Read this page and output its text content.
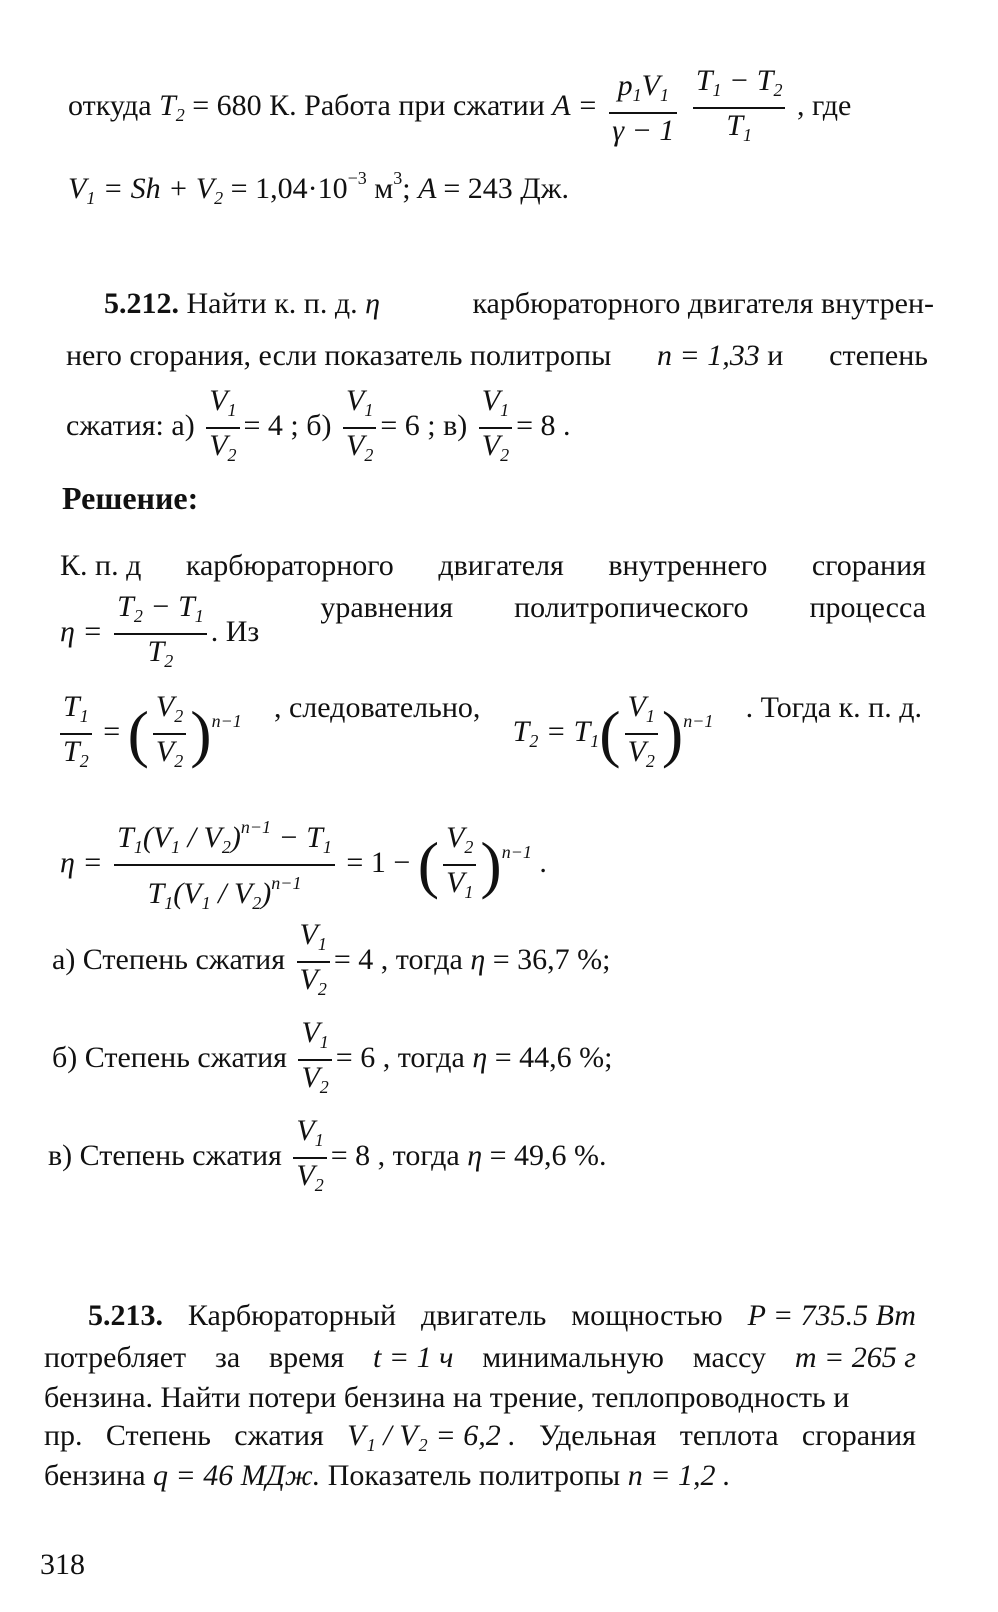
откуда $T_2 = 680$ К. Работа при сжатии $A = \frac{p_1V_1}{\gamma - 1}$
$\frac{T_1 - T_2}{T_1}$ , где
$V_1 = Sh + V_2 = 1,04\cdot 10^{-3}$ $м^3$; A = 243 Дж.
5.212. Найти к. п. д. η	карбюраторного двигателя внутрен-
него сгорания, если показатель политропы n = 1,33 и степень
сжатия: $а) \frac{V_1}{V_2} = 4$ ; $б) \frac{V_1}{V_2} = 6$ ; $в) \frac{V_1}{V_2} = 8$ .
Решение:
К. п. д карбюраторного двигателя внутреннего сгорания
$\eta = \frac{T_2 - T_1}{T_2}$ . Из
уравнения политропического процесса
$\frac{T_1}{T_2}$ = ( $\frac{V_2}{V_2} )^{n-1}$ , следовательно,
$T_2 = T_1( \frac{V_1}{V_2} )^{n-1}$ . Тогда к. п. д.
$\eta = \frac{T_1(V_1 / V_2)^{n-1} - T_1}{T_1(V_1 / V_2)^{n-1}} = 1$ − ( $\frac{V_2}{V_1} )^{n-1}$ .
а) Степень сжатия $\frac{V_1}{V_2} = 4$ , тогда η = 36,7 %;
б) Степень сжатия $\frac{V_1}{V_2} = 6$ , тогда η = 44,6 %;
в) Степень сжатия $\frac{V_1}{V_2} = 8$ , тогда η = 49,6 %.
5.213. Карбюраторный двигатель мощностью P = 735.5 Вт
потребляет за время t = 1 ч минимальную массу m = 265 г
бензина. Найти потери бензина на трение, теплопроводность и
пр. Степень сжатия V₁ / V₂ = 6,2 . Удельная теплота сгорания
бензина q = 46 МДж. Показатель политропы n = 1,2 .
318
